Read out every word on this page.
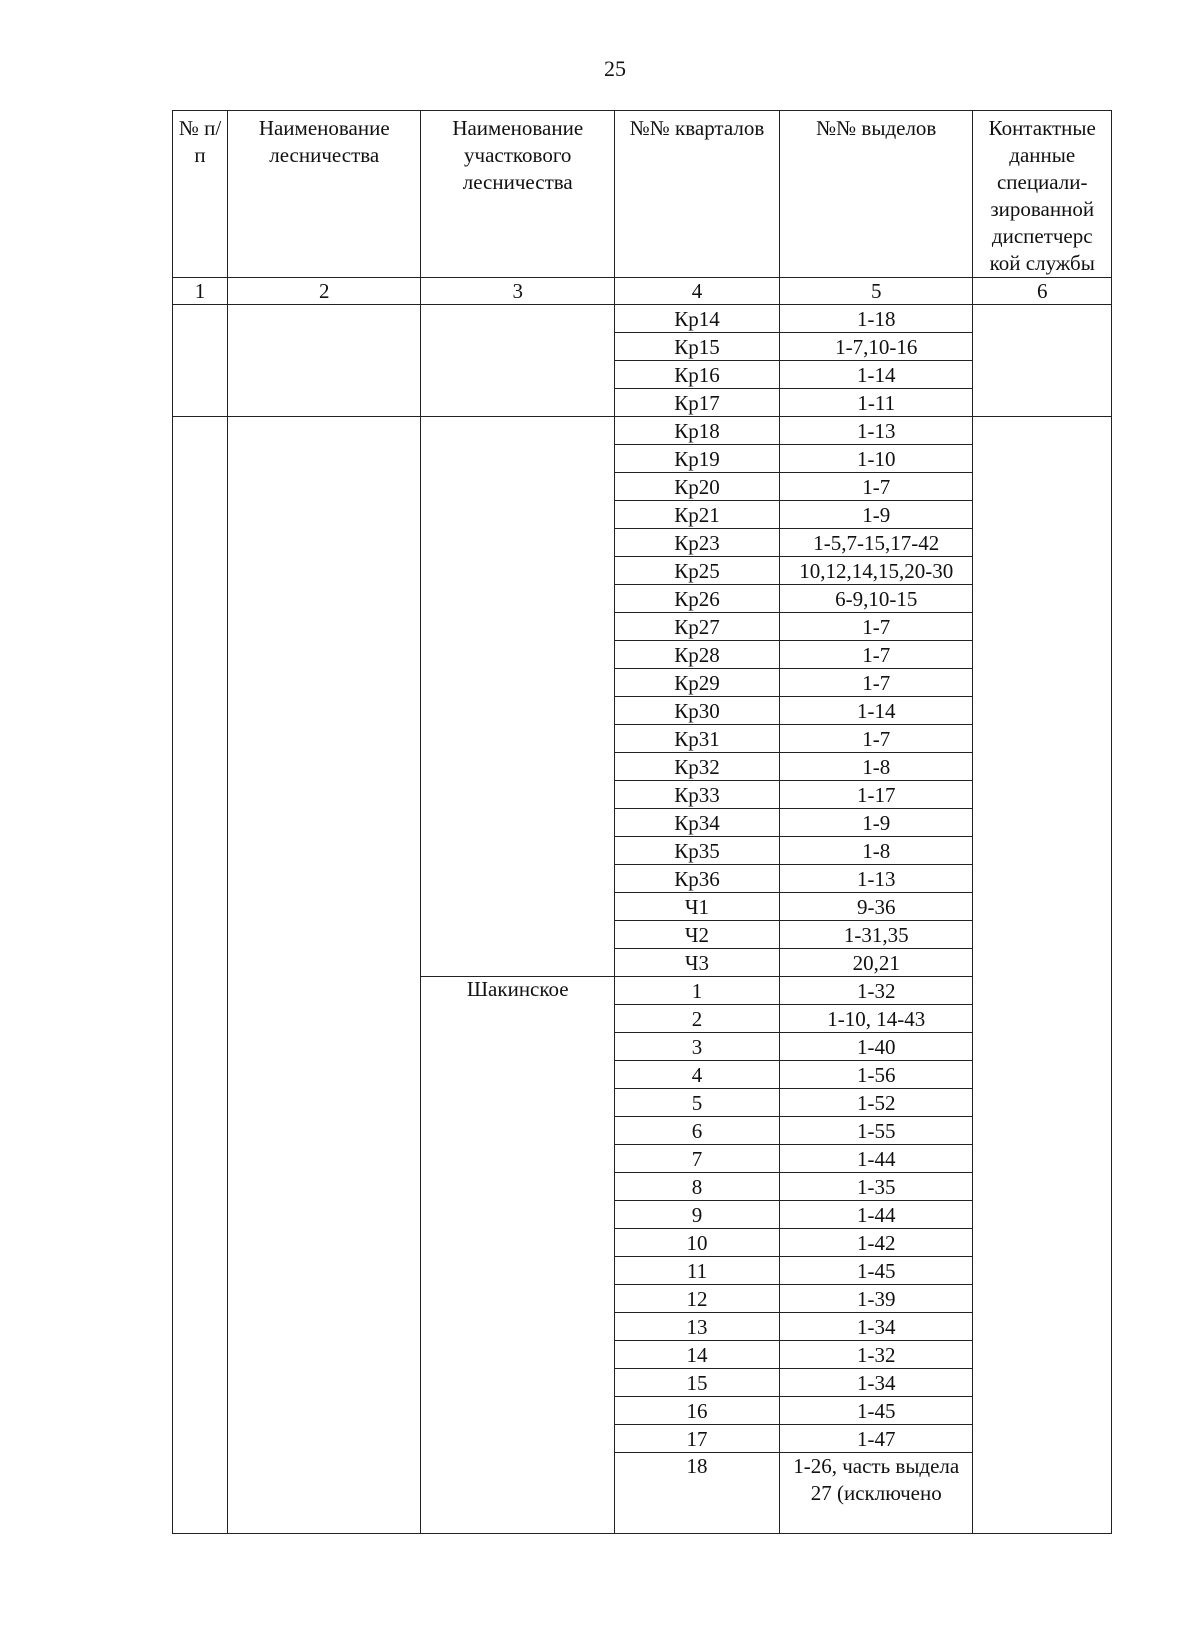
25
№ п/п	Наименование лесничества	Наименование участкового лесничества	№№ кварталов	№№ выделов	Контактные данные специали-зированной диспетчерс кой службы
1	2	3	4	5	6
			Кр14	1-18	
			Кр15	1-7,10-16	
			Кр16	1-14	
			Кр17	1-11	
			Кр18	1-13	
			Кр19	1-10	
			Кр20	1-7	
			Кр21	1-9	
			Кр23	1-5,7-15,17-42	
			Кр25	10,12,14,15,20-30	
			Кр26	6-9,10-15	
			Кр27	1-7	
			Кр28	1-7	
			Кр29	1-7	
			Кр30	1-14	
			Кр31	1-7	
			Кр32	1-8	
			Кр33	1-17	
			Кр34	1-9	
			Кр35	1-8	
			Кр36	1-13	
			Ч1	9-36	
			Ч2	1-31,35	
			Ч3	20,21	
		Шакинское	1	1-32	
			2	1-10, 14-43	
			3	1-40	
			4	1-56	
			5	1-52	
			6	1-55	
			7	1-44	
			8	1-35	
			9	1-44	
			10	1-42	
			11	1-45	
			12	1-39	
			13	1-34	
			14	1-32	
			15	1-34	
			16	1-45	
			17	1-47	
			18	1-26, часть выдела 27 (исключено	
